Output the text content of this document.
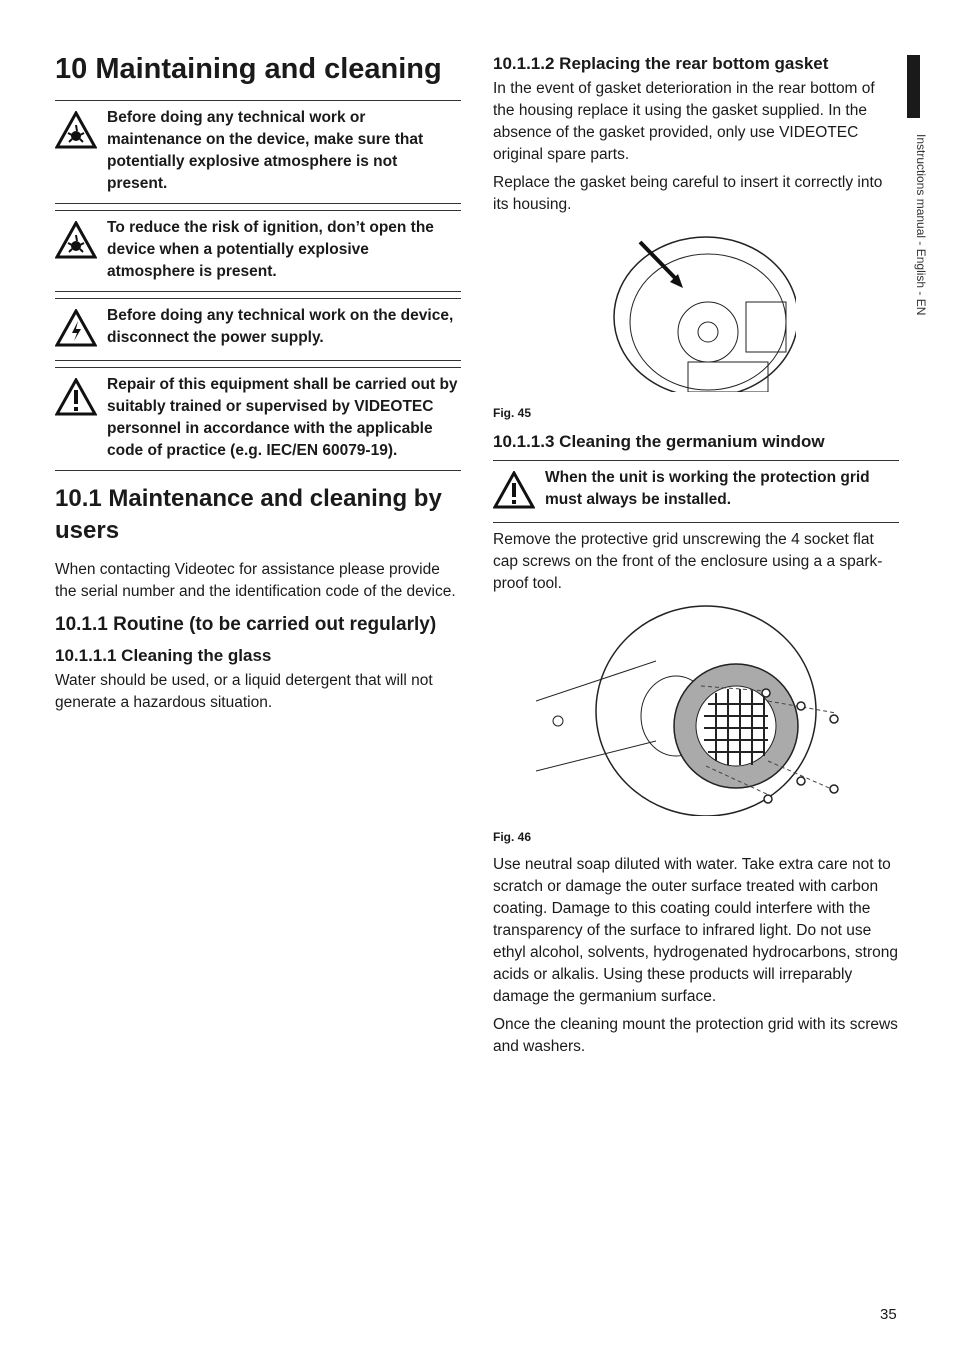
Instructions manual - English - EN
10 Maintaining and cleaning
Before doing any technical work or maintenance on the device, make sure that potentially explosive atmosphere is not present.
To reduce the risk of ignition, don’t open the device when a potentially explosive atmosphere is present.
Before doing any technical work on the device, disconnect the power supply.
Repair of this equipment shall be carried out by suitably trained or supervised by VIDEOTEC personnel in accordance with the applicable code of practice (e.g. IEC/EN 60079-19).
10.1 Maintenance and cleaning by users

When contacting Videotec for assistance please provide the serial number and the identification code of the device.

10.1.1 Routine (to be carried out regularly)
10.1.1.1 Cleaning the glass

Water should be used, or a liquid detergent that will not generate a hazardous situation.

10.1.1.2 Replacing the rear bottom gasket

In the event of gasket deterioration in the rear bottom of the housing replace it using the gasket supplied. In the absence of the gasket provided, only use VIDEOTEC original spare parts.

Replace the gasket being careful to insert it correctly into its housing.

Fig. 45
10.1.1.3 Cleaning the germanium window
When the unit is working the protection grid must always be installed.

Remove the protective grid unscrewing the 4 socket flat cap screws on the front of the enclosure using a a spark-proof tool.

Fig. 46

Use neutral soap diluted with water. Take extra care not to scratch or damage the outer surface treated with carbon coating. Damage to this coating could interfere with the transparency of the surface to infrared light. Do not use ethyl alcohol, solvents, hydrogenated hydrocarbons, strong acids or alkalis. Using these products will irreparably damage the germanium surface.

Once the cleaning mount the protection grid with its screws and washers.

35
